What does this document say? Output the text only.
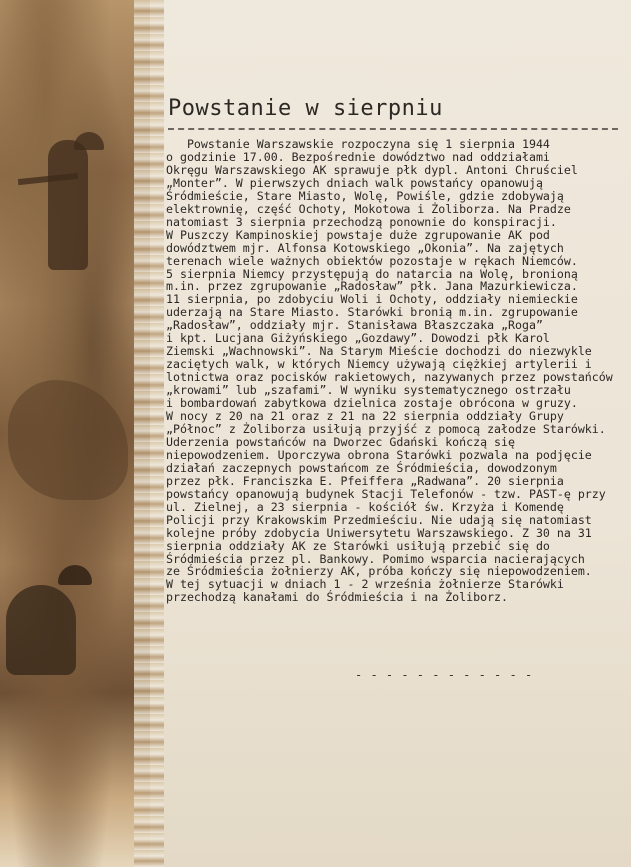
Powstanie w sierpniu
Powstanie Warszawskie rozpoczyna się 1 sierpnia 1944
o godzinie 17.00. Bezpośrednie dowództwo nad oddziałami
Okręgu Warszawskiego AK sprawuje płk dypl. Antoni Chruściel
„Monter”. W pierwszych dniach walk powstańcy opanowują
Śródmieście, Stare Miasto, Wolę, Powiśle, gdzie zdobywają
elektrownię, część Ochoty, Mokotowa i Żoliborza. Na Pradze
natomiast 3 sierpnia przechodzą ponownie do konspiracji.
W Puszczy Kampinoskiej powstaje duże zgrupowanie AK pod
dowództwem mjr. Alfonsa Kotowskiego „Okonia”. Na zajętych
terenach wiele ważnych obiektów pozostaje w rękach Niemców.
5 sierpnia Niemcy przystępują do natarcia na Wolę, bronioną
m.in. przez zgrupowanie „Radosław” płk. Jana Mazurkiewicza.
11 sierpnia, po zdobyciu Woli i Ochoty, oddziały niemieckie
uderzają na Stare Miasto. Starówki bronią m.in. zgrupowanie
„Radosław”, oddziały mjr. Stanisława Błaszczaka „Roga”
i kpt. Lucjana Giżyńskiego „Gozdawy”. Dowodzi płk Karol
Ziemski „Wachnowski”. Na Starym Mieście dochodzi do niezwykle
zaciętych walk, w których Niemcy używają ciężkiej artylerii i
lotnictwa oraz pocisków rakietowych, nazywanych przez powstańców
„krowami” lub „szafami”. W wyniku systematycznego ostrzału
i bombardowań zabytkowa dzielnica zostaje obrócona w gruzy.
W nocy z 20 na 21 oraz z 21 na 22 sierpnia oddziały Grupy
„Północ” z Żoliborza usiłują przyjść z pomocą załodze Starówki.
Uderzenia powstańców na Dworzec Gdański kończą się
niepowodzeniem. Uporczywa obrona Starówki pozwala na podjęcie
działań zaczepnych powstańcom ze Śródmieścia, dowodzonym
przez płk. Franciszka E. Pfeiffera „Radwana”. 20 sierpnia
powstańcy opanowują budynek Stacji Telefonów - tzw. PAST-ę przy
ul. Zielnej, a 23 sierpnia - kościół św. Krzyża i Komendę
Policji przy Krakowskim Przedmieściu. Nie udają się natomiast
kolejne próby zdobycia Uniwersytetu Warszawskiego. Z 30 na 31
sierpnia oddziały AK ze Starówki usiłują przebić się do
Śródmieścia przez pl. Bankowy. Pomimo wsparcia nacierających
ze Śródmieścia żołnierzy AK, próba kończy się niepowodzeniem.
W tej sytuacji w dniach 1 - 2 września żołnierze Starówki
przechodzą kanałami do Śródmieścia i na Żoliborz.
- - - - - - - - - - - -
